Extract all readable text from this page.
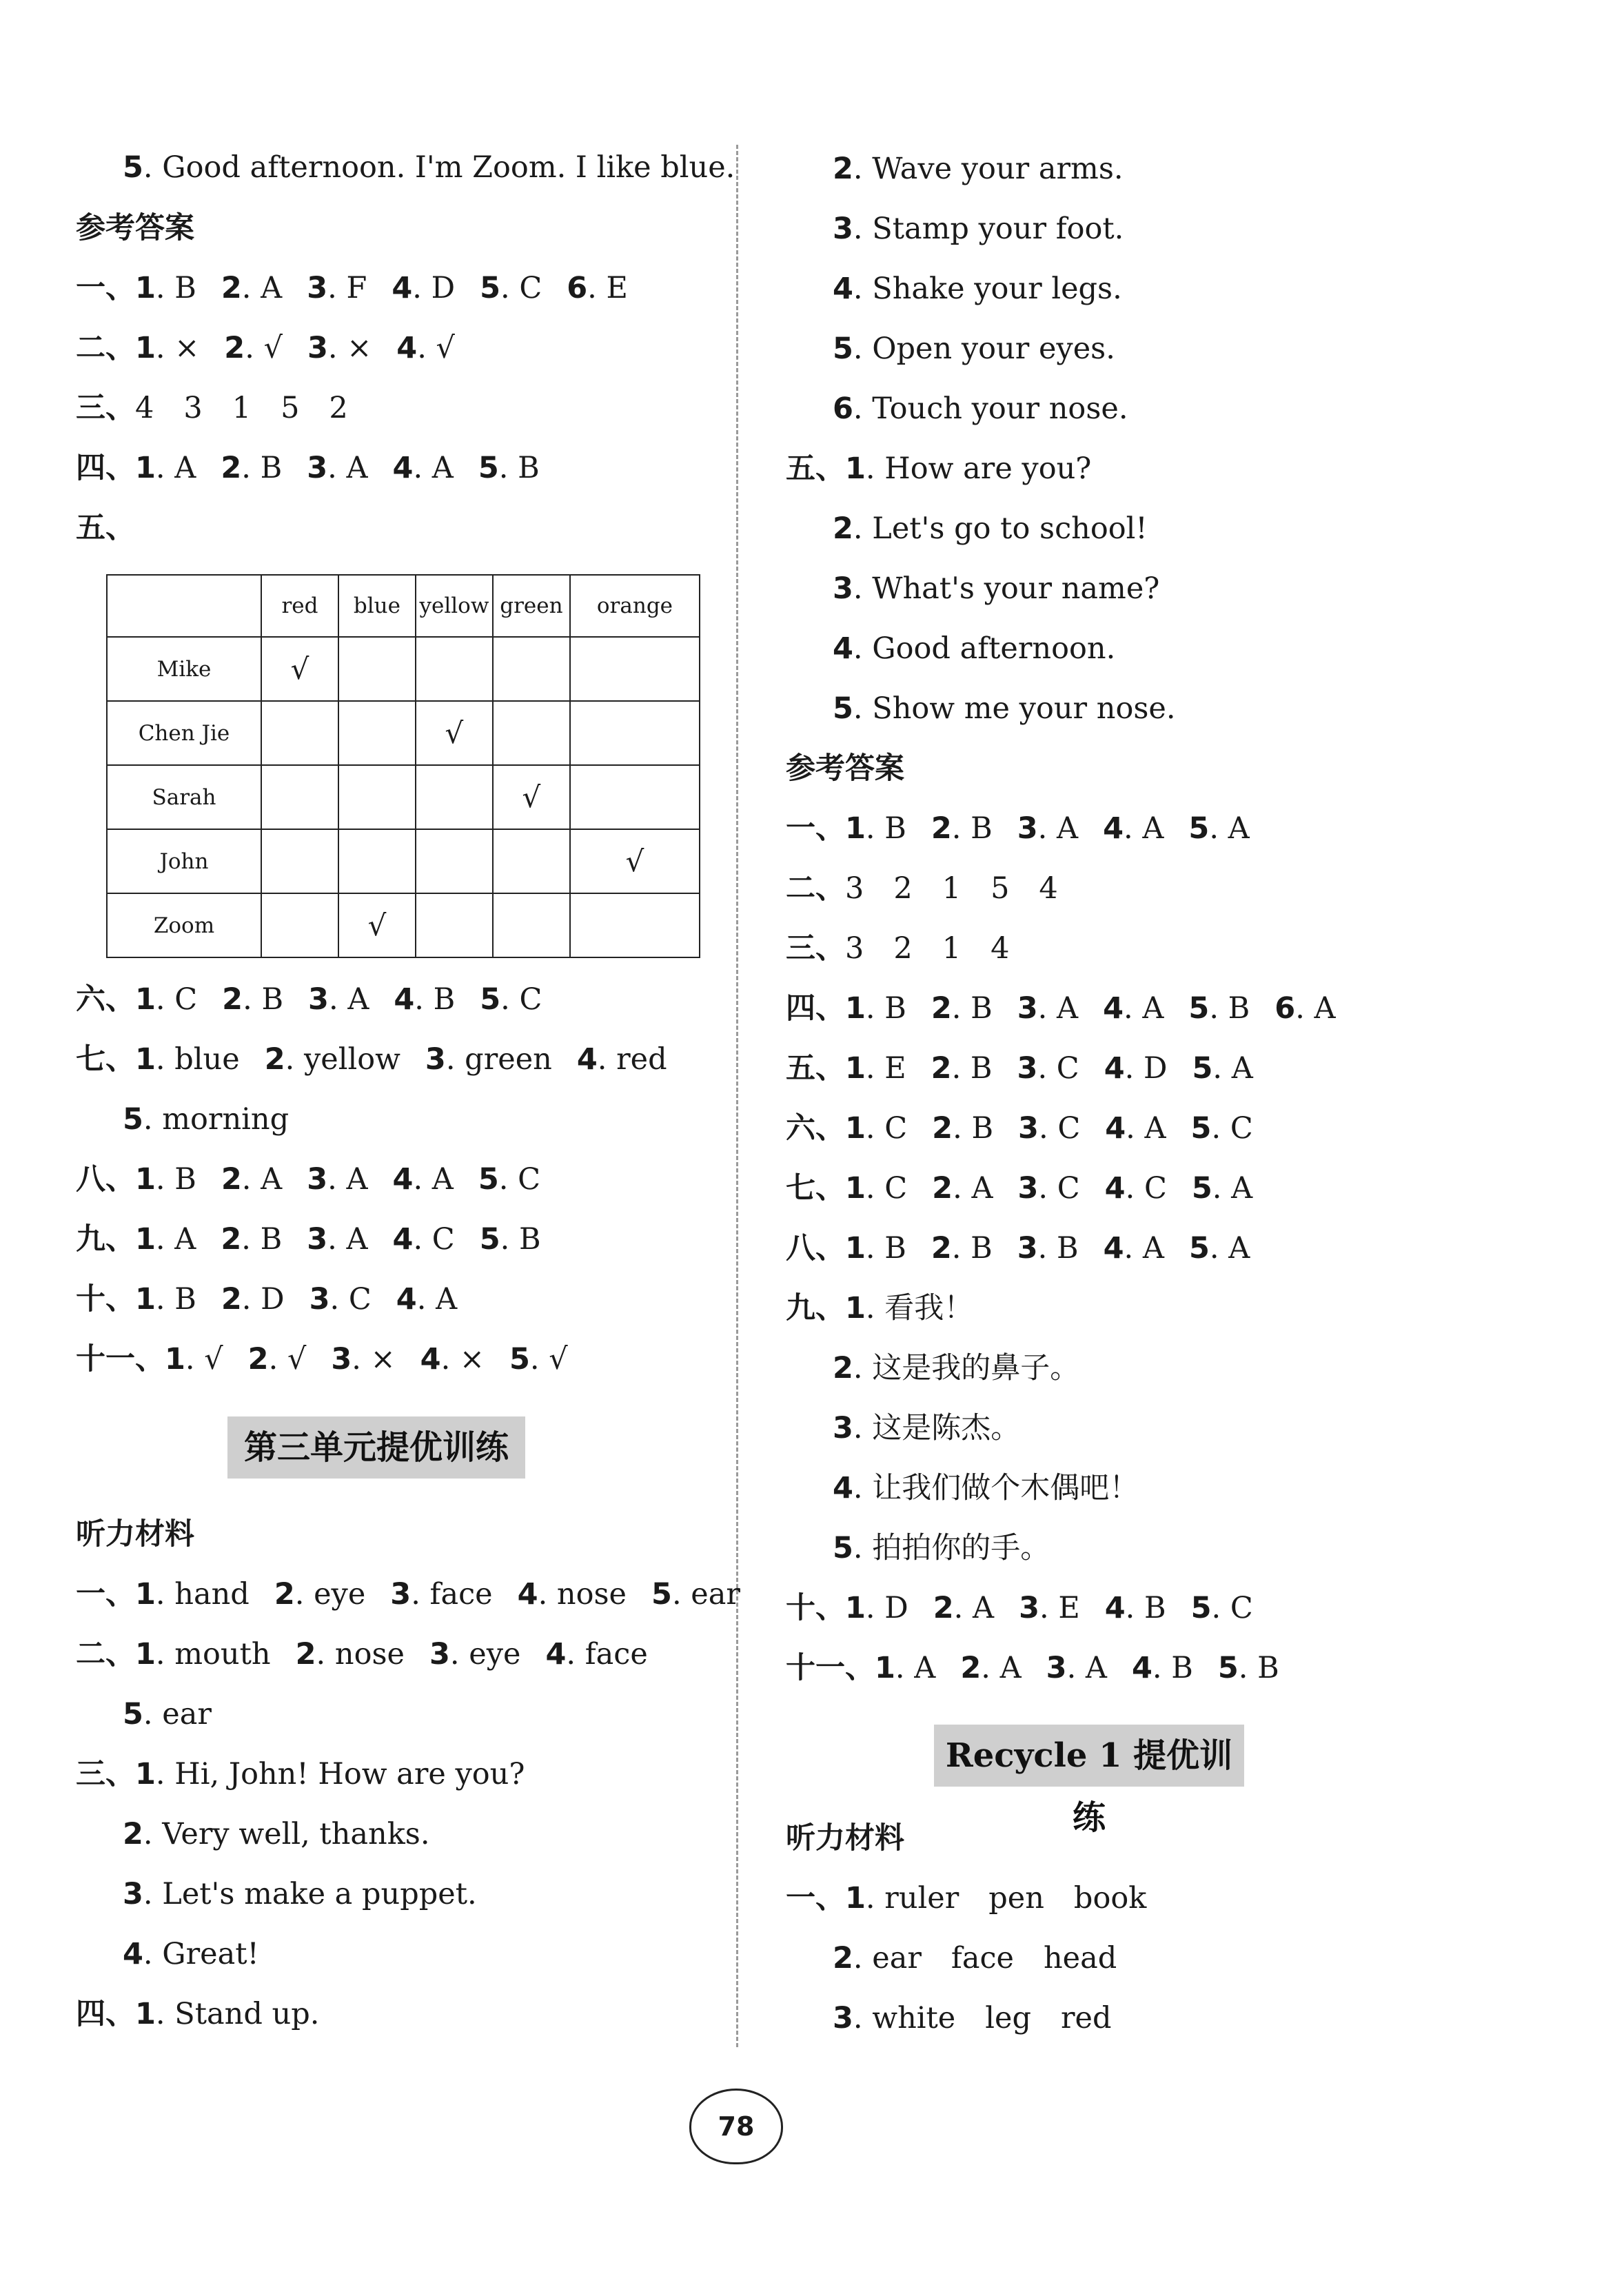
5. Good afternoon. I'm Zoom. I like blue.
参考答案
一、1. B 2. A 3. F 4. D 5. C 6. E
二、1. × 2. √ 3. × 4. √
三、4　3　1　5　2
四、1. A 2. B 3. A 4. A 5. B
五、
	red	blue	yellow	green	orange
Mike	√				
Chen Jie			√		
Sarah				√	
John					√
Zoom		√			
六、1. C 2. B 3. A 4. B 5. C
七、1. blue 2. yellow 3. green 4. red
5. morning
八、1. B 2. A 3. A 4. A 5. C
九、1. A 2. B 3. A 4. C 5. B
十、1. B 2. D 3. C 4. A
十一、1. √ 2. √ 3. × 4. × 5. √
第三单元提优训练
听力材料
一、1. hand 2. eye 3. face 4. nose 5. ear
二、1. mouth 2. nose 3. eye 4. face
5. ear
三、1. Hi, John! How are you?
2. Very well, thanks.
3. Let's make a puppet.
4. Great!
四、1. Stand up.
2. Wave your arms.
3. Stamp your foot.
4. Shake your legs.
5. Open your eyes.
6. Touch your nose.
五、1. How are you?
2. Let's go to school!
3. What's your name?
4. Good afternoon.
5. Show me your nose.
参考答案
一、1. B 2. B 3. A 4. A 5. A
二、3　2　1　5　4
三、3　2　1　4
四、1. B 2. B 3. A 4. A 5. B 6. A
五、1. E 2. B 3. C 4. D 5. A
六、1. C 2. B 3. C 4. A 5. C
七、1. C 2. A 3. C 4. C 5. A
八、1. B 2. B 3. B 4. A 5. A
九、1. 看我！
2. 这是我的鼻子。
3. 这是陈杰。
4. 让我们做个木偶吧！
5. 拍拍你的手。
十、1. D 2. A 3. E 4. B 5. C
十一、1. A 2. A 3. A 4. B 5. B
Recycle 1 提优训练
听力材料
一、1. ruler　pen　book
2. ear　face　head
3. white　leg　red
78
